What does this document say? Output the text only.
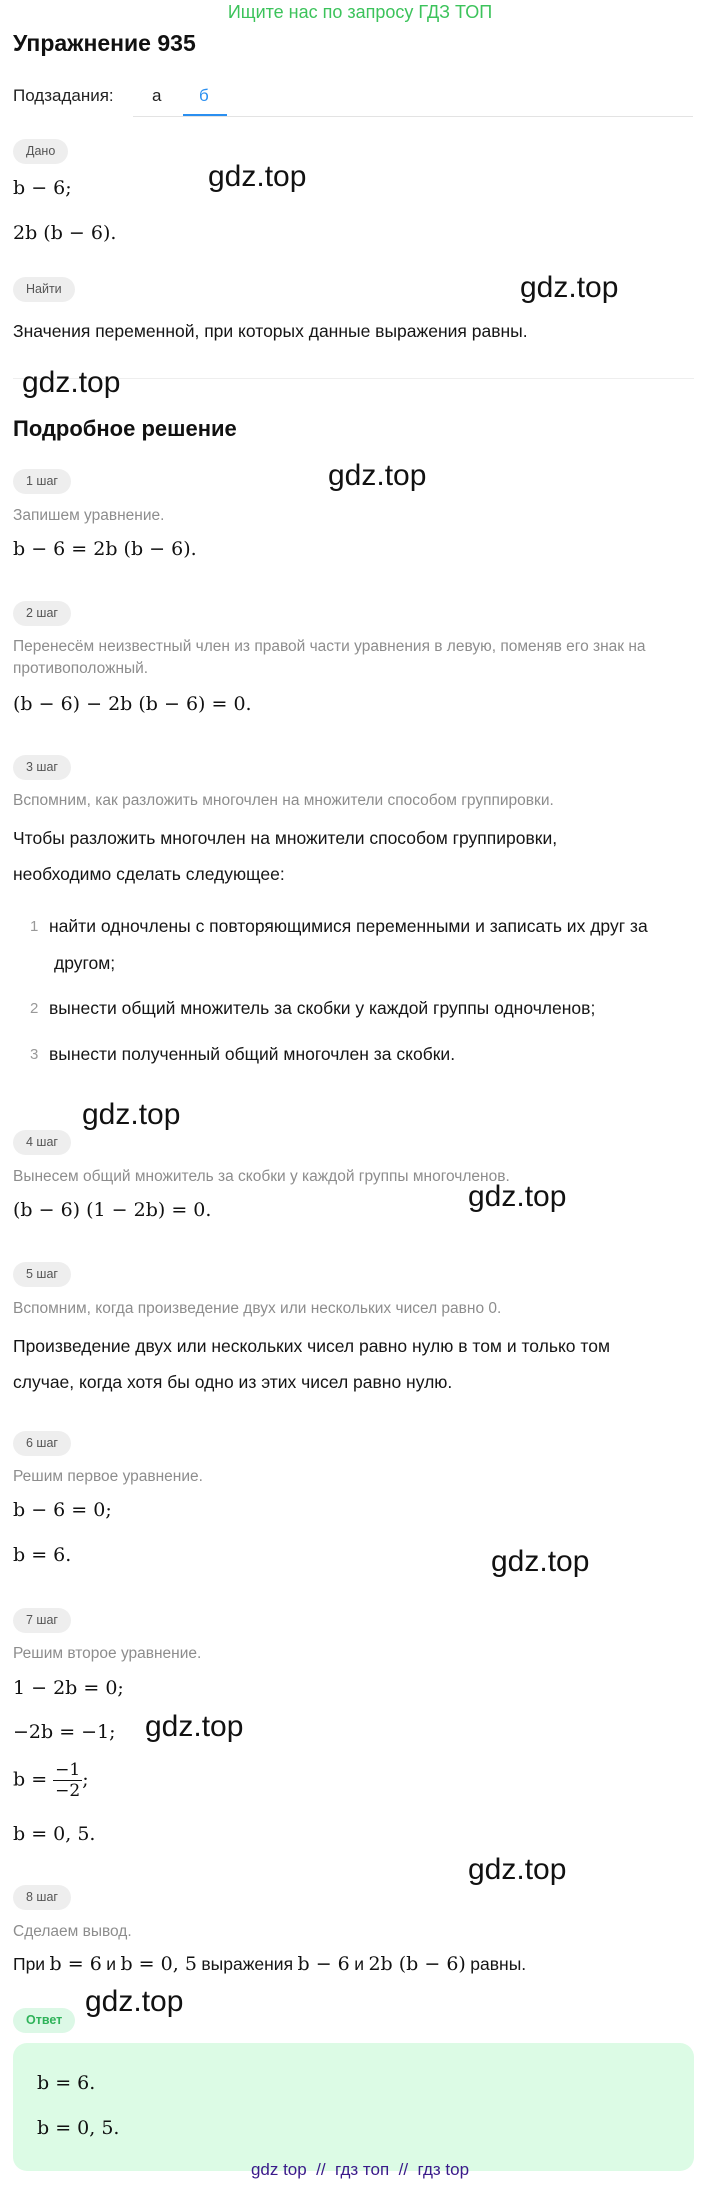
Ищите нас по запросу ГДЗ ТОП
Упражнение 935
Подзадания: а б
Дано
b − 6;
2b (b − 6).
Найти
Значения переменной, при которых данные выражения равны.
Подробное решение
1 шаг
Запишем уравнение.
b − 6 = 2b (b − 6).
2 шаг
Перенесём неизвестный член из правой части уравнения в левую, поменяв его знак на противоположный.
(b − 6) − 2b (b − 6) = 0.
3 шаг
Вспомним, как разложить многочлен на множители способом группировки.
Чтобы разложить многочлен на множители способом группировки,
необходимо сделать следующее:
1 найти одночлены с повторяющимися переменными и записать их друг за
другом;
2 вынести общий множитель за скобки у каждой группы одночленов;
3 вынести полученный общий многочлен за скобки.
4 шаг
Вынесем общий множитель за скобки у каждой группы многочленов.
(b − 6) (1 − 2b) = 0.
5 шаг
Вспомним, когда произведение двух или нескольких чисел равно 0.
Произведение двух или нескольких чисел равно нулю в том и только том
случае, когда хотя бы одно из этих чисел равно нулю.
6 шаг
Решим первое уравнение.
b − 6 = 0;
b = 6.
7 шаг
Решим второе уравнение.
1 − 2b = 0;
−2b = −1;
$b = \frac{-1}{-2}$ ;
b = 0, 5.
8 шаг
Сделаем вывод.
При b = 6 и b = 0, 5 выражения b − 6 и 2b (b − 6) равны.
Ответ
b = 6.
b = 0, 5.
gdz.top
gdz.top
gdz.top
gdz.top
gdz.top
gdz.top
gdz.top
gdz.top
gdz.top
gdz.top
gdz top  //  гдз топ  //  гдз top
